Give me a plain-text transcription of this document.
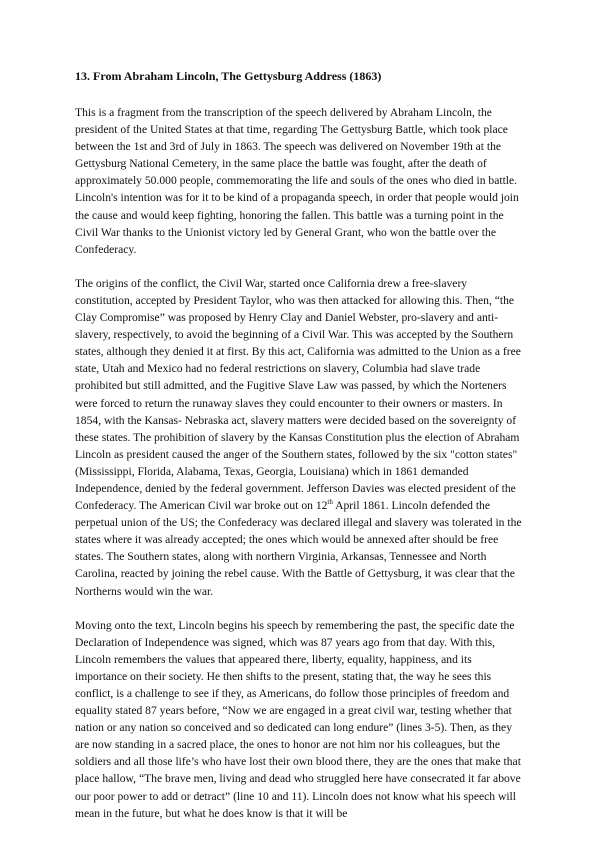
13. From Abraham Lincoln, The Gettysburg Address (1863)

This is a fragment from the transcription of the speech delivered by Abraham Lincoln, the president of the United States at that time, regarding The Gettysburg Battle, which took place between the 1st and 3rd of July in 1863. The speech was delivered on November 19th at the Gettysburg National Cemetery, in the same place the battle was fought, after the death of approximately 50.000 people, commemorating the life and souls of the ones who died in battle. Lincoln's intention was for it to be kind of a propaganda speech, in order that people would join the cause and would keep fighting, honoring the fallen. This battle was a turning point in the Civil War thanks to the Unionist victory led by General Grant, who won the battle over the Confederacy.

The origins of the conflict, the Civil War, started once California drew a free-slavery constitution, accepted by President Taylor, who was then attacked for allowing this. Then, “the Clay Compromise” was proposed by Henry Clay and Daniel Webster, pro-slavery and anti-slavery, respectively, to avoid the beginning of a Civil War. This was accepted by the Southern states, although they denied it at first. By this act, California was admitted to the Union as a free state, Utah and Mexico had no federal restrictions on slavery, Columbia had slave trade prohibited but still admitted, and the Fugitive Slave Law was passed, by which the Norteners were forced to return the runaway slaves they could encounter to their owners or masters. In 1854, with the Kansas- Nebraska act, slavery matters were decided based on the sovereignty of these states. The prohibition of slavery by the Kansas Constitution plus the election of Abraham Lincoln as president caused the anger of the Southern states, followed by the six "cotton states" (Mississippi, Florida, Alabama, Texas, Georgia, Louisiana) which in 1861 demanded Independence, denied by the federal government. Jefferson Davies was elected president of the Confederacy. The American Civil war broke out on 12th April 1861. Lincoln defended the perpetual union of the US; the Confederacy was declared illegal and slavery was tolerated in the states where it was already accepted; the ones which would be annexed after should be free states. The Southern states, along with northern Virginia, Arkansas, Tennessee and North Carolina, reacted by joining the rebel cause. With the Battle of Gettysburg, it was clear that the Northerns would win the war.

Moving onto the text, Lincoln begins his speech by remembering the past, the specific date the Declaration of Independence was signed, which was 87 years ago from that day. With this, Lincoln remembers the values that appeared there, liberty, equality, happiness, and its importance on their society. He then shifts to the present, stating that, the way he sees this conflict, is a challenge to see if they, as Americans, do follow those principles of freedom and equality stated 87 years before, “Now we are engaged in a great civil war, testing whether that nation or any nation so conceived and so dedicated can long endure” (lines 3-5). Then, as they are now standing in a sacred place, the ones to honor are not him nor his colleagues, but the soldiers and all those life’s who have lost their own blood there, they are the ones that make that place hallow, “The brave men, living and dead who struggled here have consecrated it far above our poor power to add or detract” (line 10 and 11). Lincoln does not know what his speech will mean in the future, but what he does know is that it will be
